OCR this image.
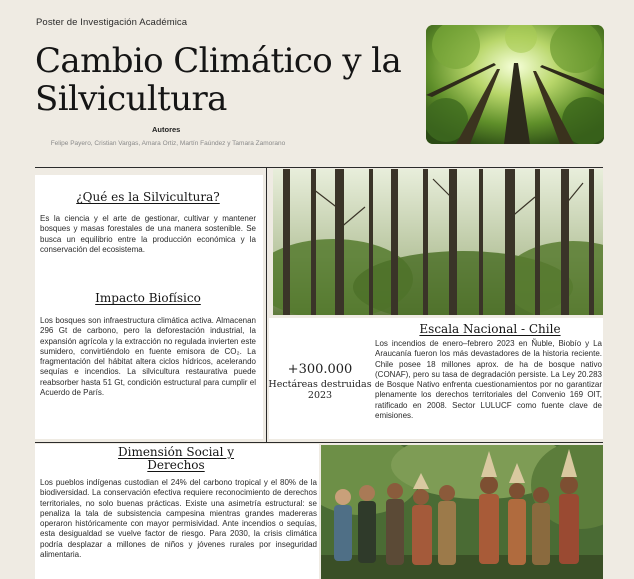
Poster de Investigación Académica
Cambio Climático y la Silvicultura
Autores
Felipe Payero, Cristian Vargas, Amara Ortiz, Martín Faúndez y Tamara Zamorano
¿Qué es la Silvicultura?

Es la ciencia y el arte de gestionar, cultivar y mantener bosques y masas forestales de una manera sostenible. Se busca un equilibrio entre la producción económica y la conservación del ecosistema.

Impacto Biofísico

Los bosques son infraestructura climática activa. Almacenan 296 Gt de carbono, pero la deforestación industrial, la expansión agrícola y la extracción no regulada invierten este sumidero, convirtiéndolo en fuente emisora de CO₂. La fragmentación del hábitat altera ciclos hídricos, acelerando sequías e incendios. La silvicultura restaurativa puede reabsorber hasta 51 Gt, condición estructural para cumplir el Acuerdo de París.

Escala Nacional - Chile

Los incendios de enero–febrero 2023 en Ñuble, Biobío y La Araucanía fueron los más devastadores de la historia reciente. Chile posee 18 millones aprox. de ha de bosque nativo (CONAF), pero su tasa de degradación persiste. La Ley 20.283 de Bosque Nativo enfrenta cuestionamientos por no garantizar plenamente los derechos territoriales del Convenio 169 OIT, ratificado en 2008. Sector LULUCF como fuente clave de emisiones.

+300.000
Hectáreas destruidas 2023
Dimensión Social y Derechos

Los pueblos indígenas custodian el 24% del carbono tropical y el 80% de la biodiversidad. La conservación efectiva requiere reconocimiento de derechos territoriales, no solo buenas prácticas. Existe una asimetría estructural: se penaliza la tala de subsistencia campesina mientras grandes madereras operaron históricamente con mayor permisividad. Ante incendios o sequías, esta desigualdad se vuelve factor de riesgo. Para 2030, la crisis climática podría desplazar a millones de niños y jóvenes rurales por inseguridad alimentaria.
